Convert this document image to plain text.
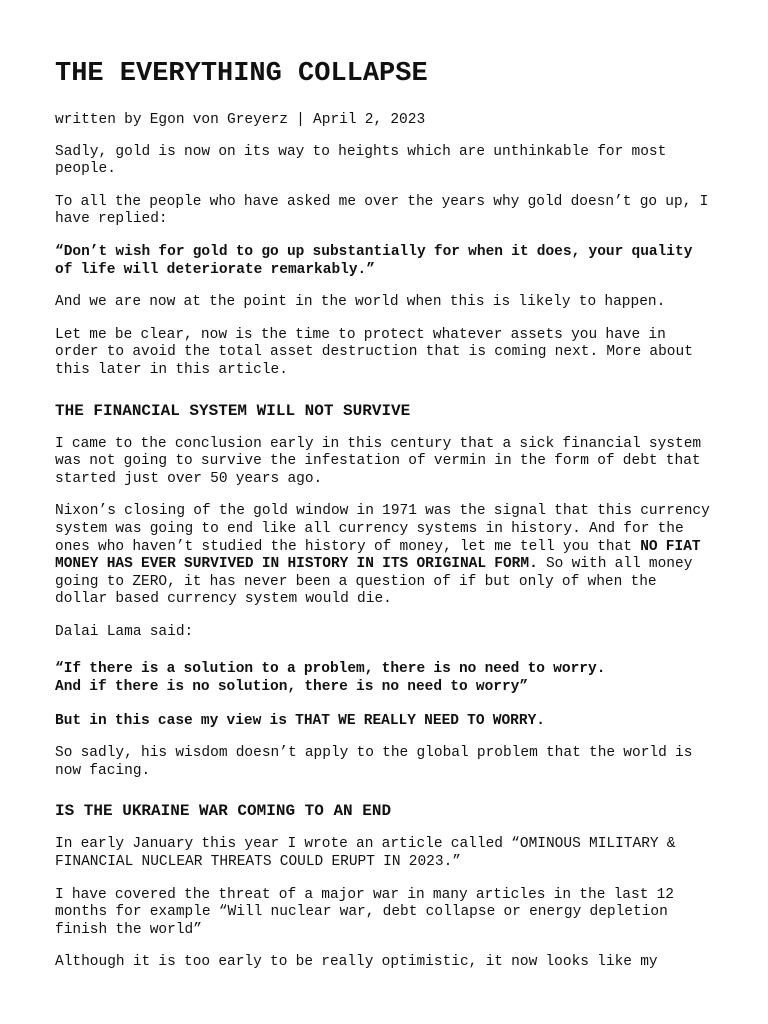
THE EVERYTHING COLLAPSE

written by Egon von Greyerz | April 2, 2023

Sadly, gold is now on its way to heights which are unthinkable for most people.

To all the people who have asked me over the years why gold doesn’t go up, I have replied:

“Don’t wish for gold to go up substantially for when it does, your quality of life will deteriorate remarkably.”

And we are now at the point in the world when this is likely to happen.

Let me be clear, now is the time to protect whatever assets you have in order to avoid the total asset destruction that is coming next. More about this later in this article.

THE FINANCIAL SYSTEM WILL NOT SURVIVE

I came to the conclusion early in this century that a sick financial system was not going to survive the infestation of vermin in the form of debt that started just over 50 years ago.

Nixon’s closing of the gold window in 1971 was the signal that this currency system was going to end like all currency systems in history. And for the ones who haven’t studied the history of money, let me tell you that NO FIAT MONEY HAS EVER SURVIVED IN HISTORY IN ITS ORIGINAL FORM. So with all money going to ZERO, it has never been a question of if but only of when the dollar based currency system would die.

Dalai Lama said:

“If there is a solution to a problem, there is no need to worry.
And if there is no solution, there is no need to worry”

But in this case my view is THAT WE REALLY NEED TO WORRY.

So sadly, his wisdom doesn’t apply to the global problem that the world is now facing.

IS THE UKRAINE WAR COMING TO AN END

In early January this year I wrote an article called “OMINOUS MILITARY & FINANCIAL NUCLEAR THREATS COULD ERUPT IN 2023.”

I have covered the threat of a major war in many articles in the last 12 months for example “Will nuclear war, debt collapse or energy depletion finish the world”

Although it is too early to be really optimistic, it now looks like my
